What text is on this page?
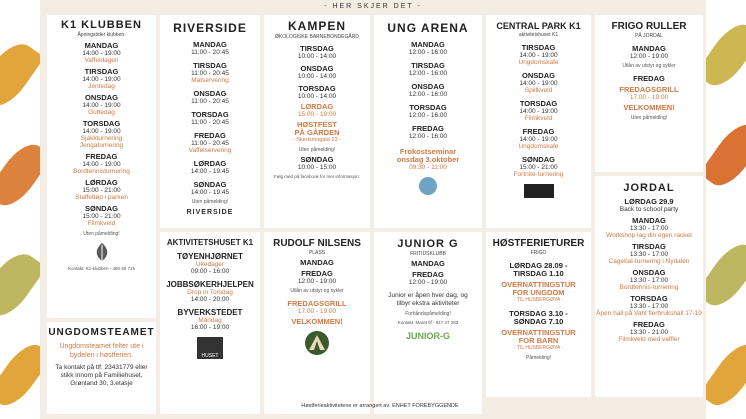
- HER SKJER DET -
K1 KLUBBEN
Åpningstider klubben:
MANDAG
14:00 - 19:00
Vaffeldagen
TIRSDAG
14:00 - 19:00
Jentedag
ONSDAG
14:00 - 19:00
Guttedag
TORSDAG
14:00 - 19:00
Sjakkturnering
Jengaturnering
FREDAG
14:00 - 19:00
Bordtennisturnering
LØRDAG
15:00 - 21:00
Staffetløp i parken
SØNDAG
15:00 - 21:00
Filmkveld
Uten påmelding!
Kontakt: K1-klubben - 480 58 725
UNGDOMSTEAMET
Ungdomsteamet felter ute i bydelen i høstferien.
Ta kontakt på tlf: 23431779 eller stikk innom på Familiehuset, Grønland 30, 3.etasje
RIVERSIDE
MANDAG
11:00 - 20:45
TIRSDAG
11:00 - 20:45
Matservering
ONSDAG
11:00 - 20:45
TORSDAG
11:00 - 20:45
FREDAG
11:00 - 20:45
Vaffelservering
LØRDAG
14:00 - 19:45
SØNDAG
14:00 - 19:45
Uten påmelding!
RIVERSIDE
AKTIVITETSHUSET K1
TØYENHJØRNET
Ukedager
09:00 - 16:00
JOBBSØKERHJELPEN
Drop in Torsdag
14:00 - 20:00
BYVERKSTEDET
Mandag
16:00 - 19:00
HUSET
KAMPEN
ØKOLOGISKE BARNEBONDEGÅRD
TIRSDAG
10:00 - 14:00
ONSDAG
10:00 - 14:00
TORSDAG
10:00 - 14:00
LØRDAG
15:00 - 19:00
HØSTFEST
PÅ GÅRDEN
- Skedsmogata 23 -
Uten påmelding!
SØNDAG
10:00 - 15:00
Følg med på facebook for mer informasjon:
RUDOLF NILSENS
PLASS
MANDAG
FREDAG
12:00 - 19:00
Utlån av utstyr og sykler
FREDAGSGRILL
17.00 - 19.00
VELKOMMEN!
UNG ARENA
MANDAG
12:00 - 16:00
TIRSDAG
12:00 - 16:00
ONSDAG
12:00 - 16:00
TORSDAG
12:00 - 16:00
FREDAG
12:00 - 16:00
Frokostseminar
onsdag 3.oktober
09:30 - 11:00
JUNIOR G
FRITIDSKLUBB
MANDAG
FREDAG
12:00 - 19:00
Junior er åpen hver dag, og tilbyr ekstra aktiviteter
Forhåndspåmelding!
Kontakt: Maret tlf - 917 37 283
JUNIOR-G
CENTRAL PARK K1
aktivitetshuset K1
TIRSDAG
14:00 - 19:00
Ungdomskafe
ONSDAG
14:00 - 19:00
Spillkveld
TORSDAG
14:00 - 19:00
Filmkveld
FREDAG
14:00 - 19:00
Ungdomskafe
SØNDAG
15:00 - 21:00
Fortnite-turnering
HØSTFERIETURER
FRIGO
LØRDAG 28.09 -
TIRSDAG 1.10
OVERNATTINGSTUR
FOR UNGDOM
- TIL HUSBERGØYA -
TORSDAG 3.10 -
SØNDAG 7.10
OVERNATTINGSTUR
FOR BARN
- TIL HUSBERGØYA -
Påmelding!
FRIGO RULLER
PÅ JORDAL
MANDAG
12:00 - 19:00
Utlån av utstyr og sykler
FREDAG
FREDAGSGRILL
17.00 - 19.00
VELKOMMEN!
Uten påmelding!
JORDAL
LØRDAG 29.9
Back to school party
MANDAG
13:30 - 17:00
Workshop lag din egen racket
TIRSDAG
13:30 - 17:00
Cagebal-turnering i Nydalen
ONSDAG
13:30 - 17:00
Bordtennis-turnering
TORSDAG
13:30 - 17:00
Åpen hall på Vahl flerbrukshall 17-19
FREDAG
13:30 - 21:00
Filmkveld med vaffler
Høstferieaktivitetene er arrangert av: ENHET FOREBYGGENDE
